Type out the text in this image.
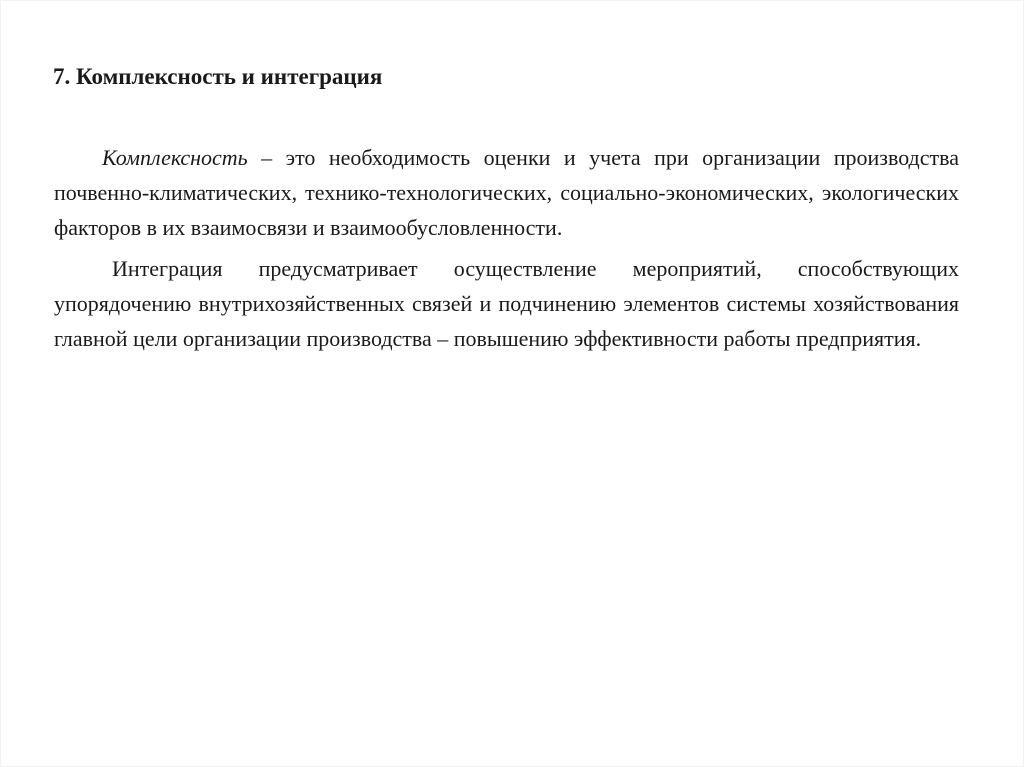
7. Комплексность и интеграция

Комплексность – это необходимость оценки и учета при организации производства почвенно-климатических, технико-технологических, социально-экономических, экологических факторов в их взаимосвязи и взаимообусловленности.

Интеграция предусматривает осуществление мероприятий, способствующих упорядочению внутрихозяйственных связей и подчинению элементов системы хозяйствования главной цели организации производства – повышению эффективности работы предприятия.
